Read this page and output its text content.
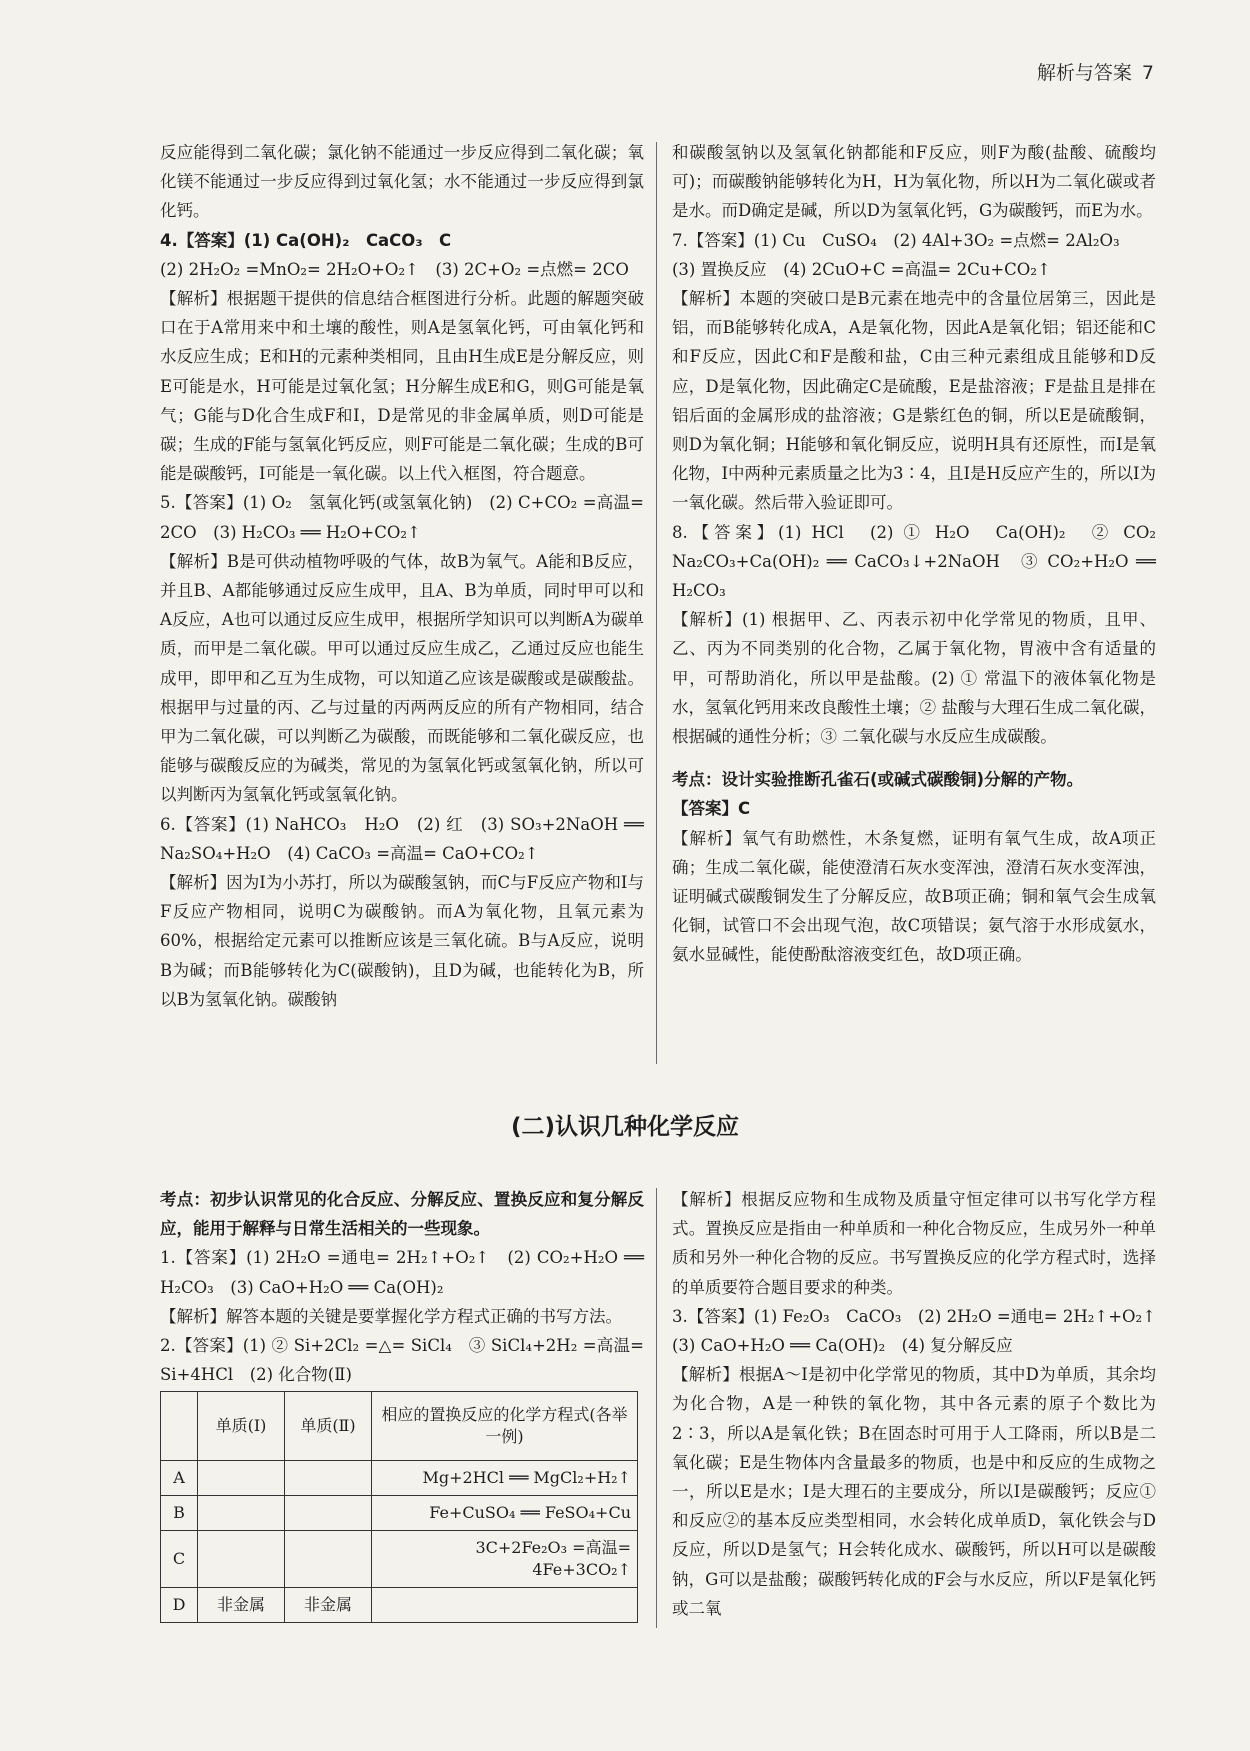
解析与答案 7

反应能得到二氧化碳；氯化钠不能通过一步反应得到二氧化碳；氧化镁不能通过一步反应得到过氧化氢；水不能通过一步反应得到氯化钙。

4.【答案】(1) Ca(OH)₂　CaCO₃　C

(2) 2H₂O₂ =MnO₂= 2H₂O+O₂↑　(3) 2C+O₂ =点燃= 2CO

【解析】根据题干提供的信息结合框图进行分析。此题的解题突破口在于A常用来中和土壤的酸性，则A是氢氧化钙，可由氧化钙和水反应生成；E和H的元素种类相同，且由H生成E是分解反应，则E可能是水，H可能是过氧化氢；H分解生成E和G，则G可能是氧气；G能与D化合生成F和I，D是常见的非金属单质，则D可能是碳；生成的F能与氢氧化钙反应，则F可能是二氧化碳；生成的B可能是碳酸钙，I可能是一氧化碳。以上代入框图，符合题意。

5.【答案】(1) O₂　氢氧化钙(或氢氧化钠)　(2) C+CO₂ =高温= 2CO　(3) H₂CO₃ ══ H₂O+CO₂↑

【解析】B是可供动植物呼吸的气体，故B为氧气。A能和B反应，并且B、A都能够通过反应生成甲，且A、B为单质，同时甲可以和A反应，A也可以通过反应生成甲，根据所学知识可以判断A为碳单质，而甲是二氧化碳。甲可以通过反应生成乙，乙通过反应也能生成甲，即甲和乙互为生成物，可以知道乙应该是碳酸或是碳酸盐。根据甲与过量的丙、乙与过量的丙两两反应的所有产物相同，结合甲为二氧化碳，可以判断乙为碳酸，而既能够和二氧化碳反应，也能够与碳酸反应的为碱类，常见的为氢氧化钙或氢氧化钠，所以可以判断丙为氢氧化钙或氢氧化钠。

6.【答案】(1) NaHCO₃　H₂O　(2) 红　(3) SO₃+2NaOH ══ Na₂SO₄+H₂O　(4) CaCO₃ =高温= CaO+CO₂↑

【解析】因为I为小苏打，所以为碳酸氢钠，而C与F反应产物和I与F反应产物相同，说明C为碳酸钠。而A为氧化物，且氧元素为60%，根据给定元素可以推断应该是三氧化硫。B与A反应，说明B为碱；而B能够转化为C(碳酸钠)，且D为碱，也能转化为B，所以B为氢氧化钠。碳酸钠

和碳酸氢钠以及氢氧化钠都能和F反应，则F为酸(盐酸、硫酸均可)；而碳酸钠能够转化为H，H为氧化物，所以H为二氧化碳或者是水。而D确定是碱，所以D为氢氧化钙，G为碳酸钙，而E为水。

7.【答案】(1) Cu　CuSO₄　(2) 4Al+3O₂ =点燃= 2Al₂O₃

(3) 置换反应　(4) 2CuO+C =高温= 2Cu+CO₂↑

【解析】本题的突破口是B元素在地壳中的含量位居第三，因此是铝，而B能够转化成A，A是氧化物，因此A是氧化铝；铝还能和C和F反应，因此C和F是酸和盐，C由三种元素组成且能够和D反应，D是氧化物，因此确定C是硫酸，E是盐溶液；F是盐且是排在铝后面的金属形成的盐溶液；G是紫红色的铜，所以E是硫酸铜，则D为氧化铜；H能够和氧化铜反应，说明H具有还原性，而I是氧化物，I中两种元素质量之比为3∶4，且I是H反应产生的，所以I为一氧化碳。然后带入验证即可。

8.【答案】(1) HCl　(2) ① H₂O　Ca(OH)₂　② CO₂　Na₂CO₃+Ca(OH)₂ ══ CaCO₃↓+2NaOH　③ CO₂+H₂O ══ H₂CO₃

【解析】(1) 根据甲、乙、丙表示初中化学常见的物质，且甲、乙、丙为不同类别的化合物，乙属于氧化物，胃液中含有适量的甲，可帮助消化，所以甲是盐酸。(2) ① 常温下的液体氧化物是水，氢氧化钙用来改良酸性土壤；② 盐酸与大理石生成二氧化碳，根据碱的通性分析；③ 二氧化碳与水反应生成碳酸。

考点：设计实验推断孔雀石(或碱式碳酸铜)分解的产物。

【答案】C

【解析】氧气有助燃性，木条复燃，证明有氧气生成，故A项正确；生成二氧化碳，能使澄清石灰水变浑浊，澄清石灰水变浑浊，证明碱式碳酸铜发生了分解反应，故B项正确；铜和氧气会生成氧化铜，试管口不会出现气泡，故C项错误；氨气溶于水形成氨水，氨水显碱性，能使酚酞溶液变红色，故D项正确。

(二)认识几种化学反应

考点：初步认识常见的化合反应、分解反应、置换反应和复分解反应，能用于解释与日常生活相关的一些现象。

1.【答案】(1) 2H₂O =通电= 2H₂↑+O₂↑　(2) CO₂+H₂O ══ H₂CO₃　(3) CaO+H₂O ══ Ca(OH)₂

【解析】解答本题的关键是要掌握化学方程式正确的书写方法。

2.【答案】(1) ② Si+2Cl₂ =△= SiCl₄　③ SiCl₄+2H₂ =高温= Si+4HCl　(2) 化合物(Ⅱ)

	单质(Ⅰ)	单质(Ⅱ)	相应的置换反应的化学方程式(各举一例)
A			Mg+2HCl ══ MgCl₂+H₂↑
B			Fe+CuSO₄ ══ FeSO₄+Cu
C			3C+2Fe₂O₃ =高温= 4Fe+3CO₂↑
D	非金属	非金属	

【解析】根据反应物和生成物及质量守恒定律可以书写化学方程式。置换反应是指由一种单质和一种化合物反应，生成另外一种单质和另外一种化合物的反应。书写置换反应的化学方程式时，选择的单质要符合题目要求的种类。

3.【答案】(1) Fe₂O₃　CaCO₃　(2) 2H₂O =通电= 2H₂↑+O₂↑　(3) CaO+H₂O ══ Ca(OH)₂　(4) 复分解反应

【解析】根据A～I是初中化学常见的物质，其中D为单质，其余均为化合物，A是一种铁的氧化物，其中各元素的原子个数比为2∶3，所以A是氧化铁；B在固态时可用于人工降雨，所以B是二氧化碳；E是生物体内含量最多的物质，也是中和反应的生成物之一，所以E是水；I是大理石的主要成分，所以I是碳酸钙；反应①和反应②的基本反应类型相同，水会转化成单质D，氧化铁会与D反应，所以D是氢气；H会转化成水、碳酸钙，所以H可以是碳酸钠，G可以是盐酸；碳酸钙转化成的F会与水反应，所以F是氧化钙或二氧
